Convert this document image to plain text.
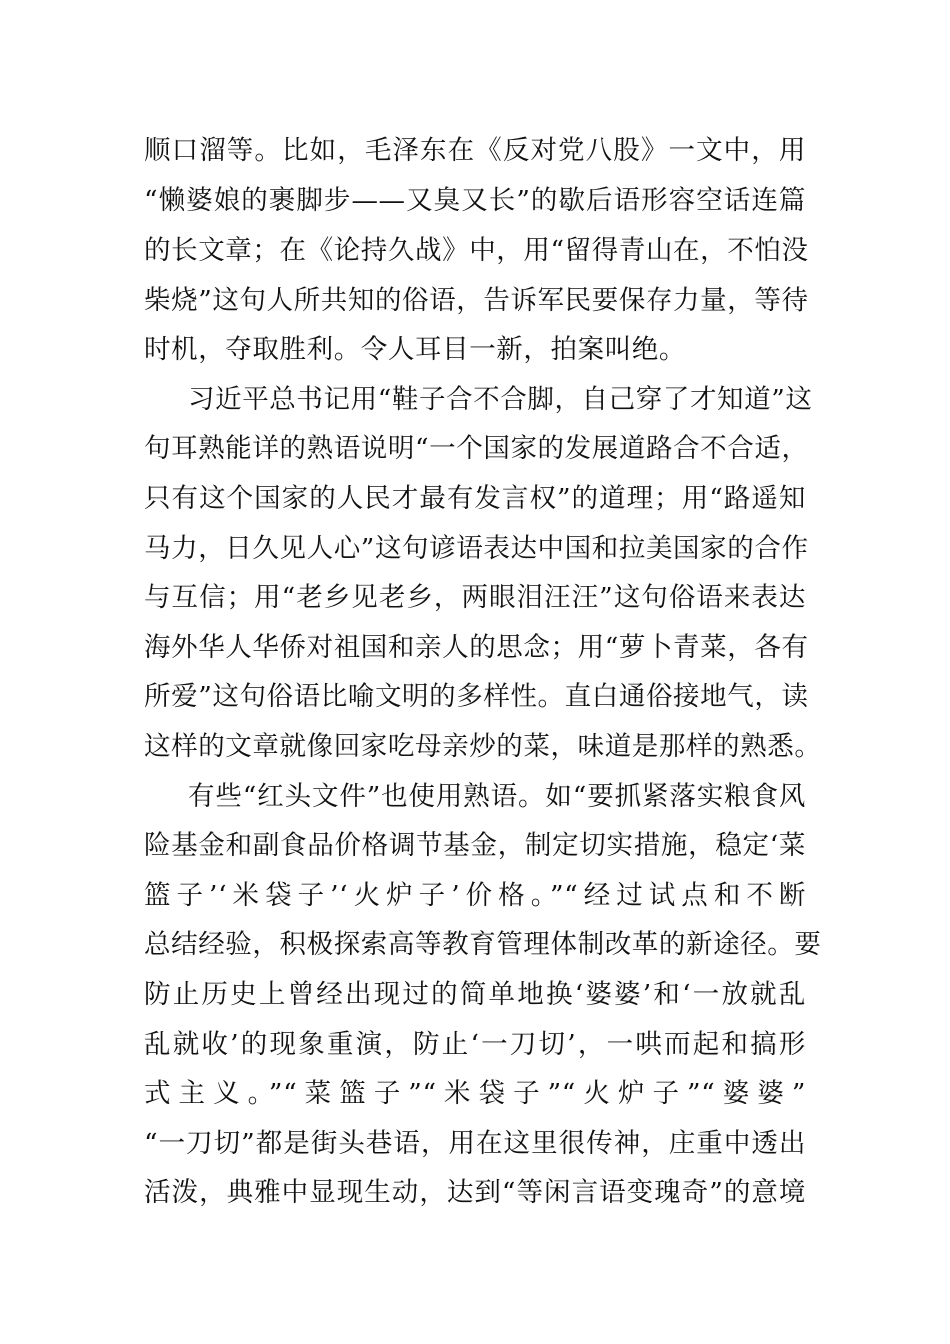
顺口溜等。比如，毛泽东在《反对党八股》一文中，用
“懒婆娘的裹脚步——又臭又长”的歇后语形容空话连篇
的长文章；在《论持久战》中，用“留得青山在，不怕没
柴烧”这句人所共知的俗语，告诉军民要保存力量，等待
时机，夺取胜利。令人耳目一新，拍案叫绝。
习近平总书记用“鞋子合不合脚，自己穿了才知道”这
句耳熟能详的熟语说明“一个国家的发展道路合不合适，
只有这个国家的人民才最有发言权”的道理；用“路遥知
马力，日久见人心”这句谚语表达中国和拉美国家的合作
与互信；用“老乡见老乡，两眼泪汪汪”这句俗语来表达
海外华人华侨对祖国和亲人的思念；用“萝卜青菜，各有
所爱”这句俗语比喻文明的多样性。直白通俗接地气，读
这样的文章就像回家吃母亲炒的菜，味道是那样的熟悉。
有些“红头文件”也使用熟语。如“要抓紧落实粮食风
险基金和副食品价格调节基金，制定切实措施，稳定‘菜
篮子’‘米袋子’‘火炉子’价格。”“经过试点和不断
总结经验，积极探索高等教育管理体制改革的新途径。要
防止历史上曾经出现过的简单地换‘婆婆’和‘一放就乱
乱就收’的现象重演，防止‘一刀切’，一哄而起和搞形
式主义。”“菜篮子”“米袋子”“火炉子”“婆婆”
“一刀切”都是街头巷语，用在这里很传神，庄重中透出
活泼，典雅中显现生动，达到“等闲言语变瑰奇”的意境
